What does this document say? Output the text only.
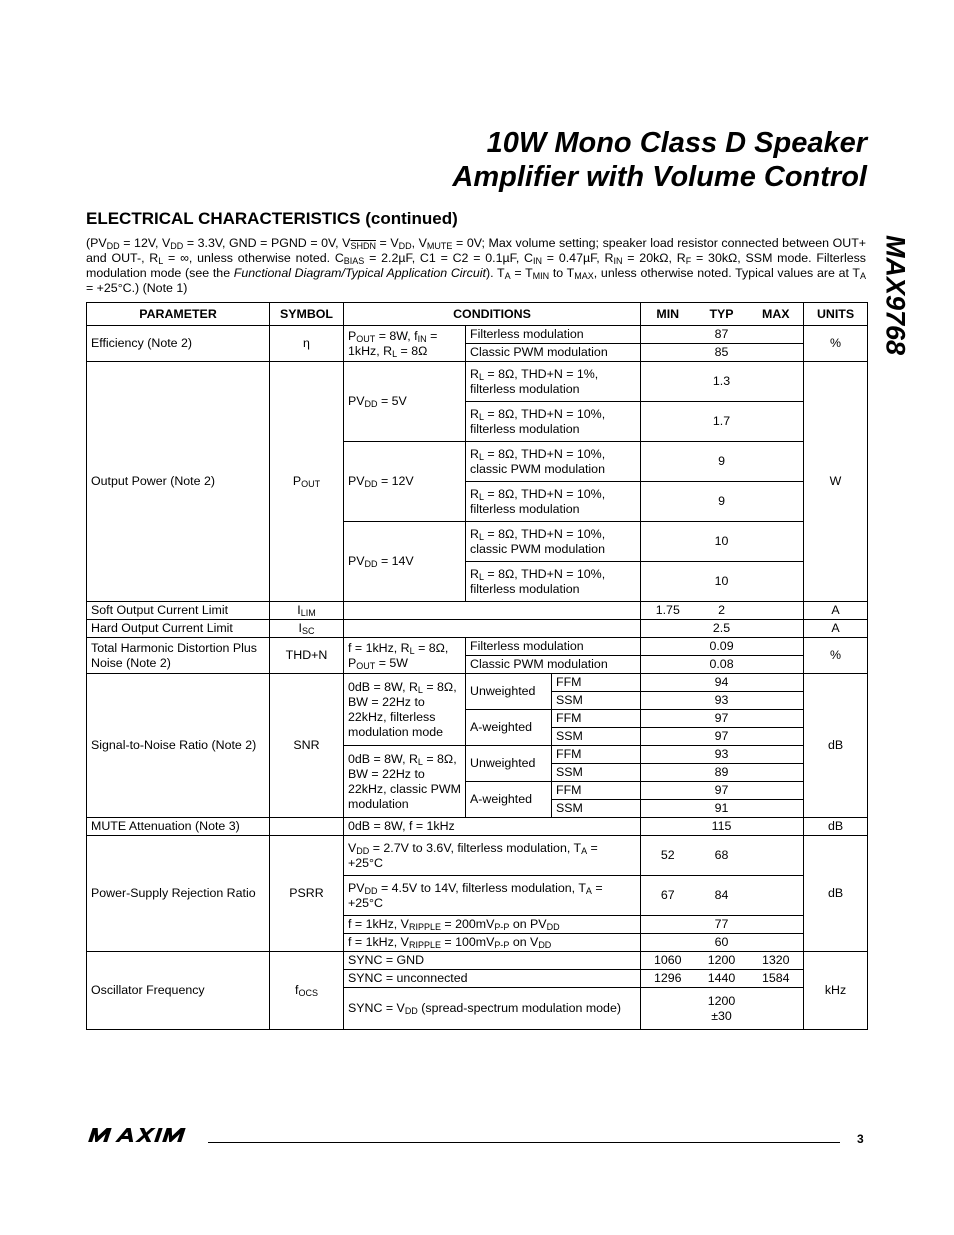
10W Mono Class D Speaker
Amplifier with Volume Control
MAX9768
ELECTRICAL CHARACTERISTICS (continued)
($PV_{DD} = 12V$, $V_{DD} = 3.3V$, GND = PGND = 0V, $V_{SHDN} = V_{DD}$, $V_{MUTE} = 0V$; Max volume setting; speaker load resistor connected between OUT+ and OUT-, $R_L$ = ∞, unless otherwise noted. $C_{BIAS} = 2.2\mu F$, C1 = C2 = 0.1µF, $C_{IN} = 0.47\mu F$, $R_{IN} = 20k\Omega$, $R_F = 30k\Omega$, SSM mode. Filterless modulation mode (see the Functional Diagram/Typical Application Circuit). $T_A = T_{MIN}$ to $T_{MAX}$, unless otherwise noted. Typical values are at $T_A = +25^\circ C$.) (Note 1)
PARAMETER	SYMBOL	CONDITIONS			MIN	TYP	MAX	UNITS
Efficiency (Note 2)	η	$P_{OUT} = 8W$, $f_{IN} = 1kHz$, $R_L = 8\Omega$	Filterless modulation			87		%
			Classic PWM modulation			85		
Output Power (Note 2)	$P_{OUT}$	$PV_{DD} = 5V$	$R_L = 8\Omega$, THD+N = 1%, filterless modulation			1.3		W
			$R_L = 8\Omega$, THD+N = 10%, filterless modulation			1.7		
		$PV_{DD} = 12V$	$R_L = 8\Omega$, THD+N = 10%, classic PWM modulation			9		
			$R_L = 8\Omega$, THD+N = 10%, filterless modulation			9		
		$PV_{DD} = 14V$	$R_L = 8\Omega$, THD+N = 10%, classic PWM modulation			10		
			$R_L = 8\Omega$, THD+N = 10%, filterless modulation			10		
Soft Output Current Limit	$I_{LIM}$				1.75	2		A
Hard Output Current Limit	$I_{SC}$					2.5		A
Total Harmonic Distortion Plus Noise (Note 2)	THD+N	f = 1kHz, $R_L = 8\Omega$, $P_{OUT} = 5W$	Filterless modulation			0.09		%
			Classic PWM modulation			0.08		
Signal-to-Noise Ratio (Note 2)	SNR	0dB = 8W, $R_L = 8\Omega$, BW = 22Hz to 22kHz, filterless modulation mode	Unweighted	FFM		94		dB
				SSM		93		
			A-weighted	FFM		97		
				SSM		97		
		0dB = 8W, $R_L = 8\Omega$, BW = 22Hz to 22kHz, classic PWM modulation	Unweighted	FFM		93		
				SSM		89		
			A-weighted	FFM		97		
				SSM		91		
MUTE Attenuation (Note 3)		0dB = 8W, f = 1kHz				115		dB
Power-Supply Rejection Ratio	PSRR	$V_{DD} = 2.7V$ to 3.6V, filterless modulation, $T_A = +25^\circ C$			52	68		dB
		$PV_{DD} = 4.5V$ to 14V, filterless modulation, $T_A = +25^\circ C$			67	84		
		f = 1kHz, $V_{RIPPLE} = 200mV_{P-P}$ on $PV_{DD}$				77		
		f = 1kHz, $V_{RIPPLE} = 100mV_{P-P}$ on $V_{DD}$				60		
Oscillator Frequency	$f_{OCS}$	SYNC = GND			1060	1200	1320	kHz
		SYNC = unconnected			1296	1440	1584	
		SYNC = $V_{DD}$ (spread-spectrum modulation mode)				1200 ±30		
3
